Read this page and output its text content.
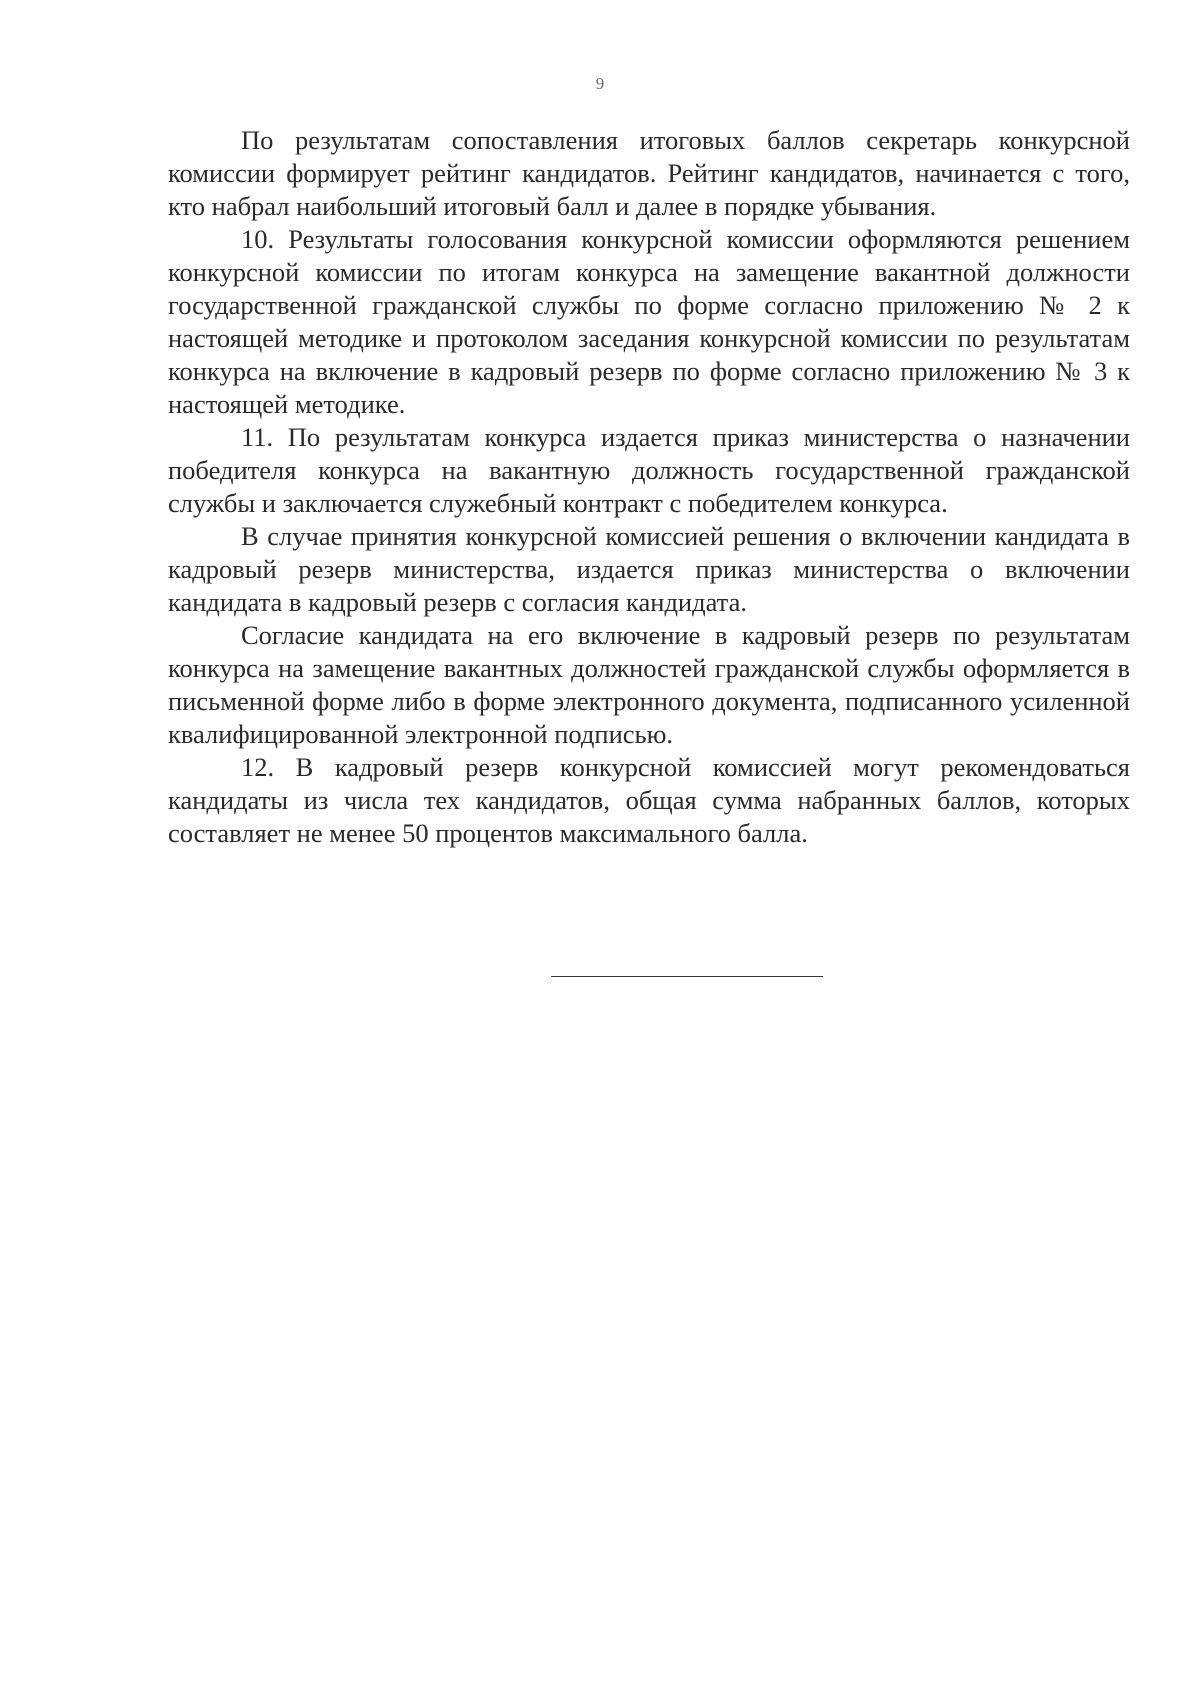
9

По результатам сопоставления итоговых баллов секретарь конкурсной комиссии формирует рейтинг кандидатов. Рейтинг кандидатов, начинается с того, кто набрал наибольший итоговый балл и далее в порядке убывания.

10. Результаты голосования конкурсной комиссии оформляются решением конкурсной комиссии по итогам конкурса на замещение вакантной должности государственной гражданской службы по форме согласно приложению № 2 к настоящей методике и протоколом заседания конкурсной комиссии по результатам конкурса на включение в кадровый резерв по форме согласно приложению № 3 к настоящей методике.

11. По результатам конкурса издается приказ министерства о назначении победителя конкурса на вакантную должность государственной гражданской службы и заключается служебный контракт с победителем конкурса.

В случае принятия конкурсной комиссией решения о включении кандидата в кадровый резерв министерства, издается приказ министерства о включении кандидата в кадровый резерв с согласия кандидата.

Согласие кандидата на его включение в кадровый резерв по результатам конкурса на замещение вакантных должностей гражданской службы оформляется в письменной форме либо в форме электронного документа, подписанного усиленной квалифицированной электронной подписью.

12. В кадровый резерв конкурсной комиссией могут рекомендоваться кандидаты из числа тех кандидатов, общая сумма набранных баллов, которых составляет не менее 50 процентов максимального балла.
